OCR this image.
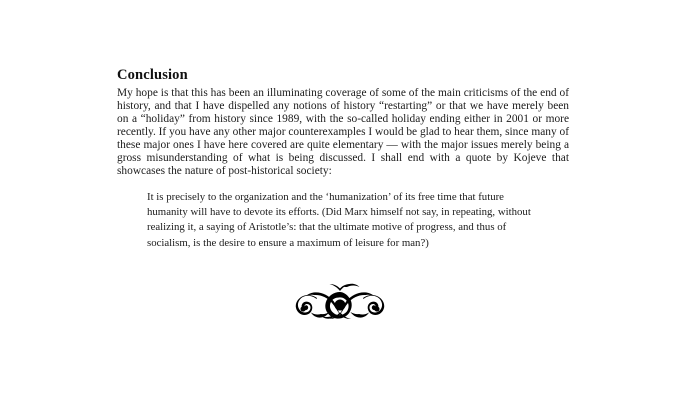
Conclusion

My hope is that this has been an illuminating coverage of some of the main criticisms of the end of history, and that I have dispelled any notions of history “restarting” or that we have merely been on a “holiday” from history since 1989, with the so-called holiday ending either in 2001 or more recently. If you have any other major counterexamples I would be glad to hear them, since many of these major ones I have here covered are quite elementary — with the major issues merely being a gross misunderstanding of what is being discussed. I shall end with a quote by Kojeve that showcases the nature of post-historical society:

It is precisely to the organization and the ‘humanization’ of its free time that future humanity will have to devote its efforts. (Did Marx himself not say, in repeating, without realizing it, a saying of Aristotle’s: that the ultimate motive of progress, and thus of socialism, is the desire to ensure a maximum of leisure for man?)
